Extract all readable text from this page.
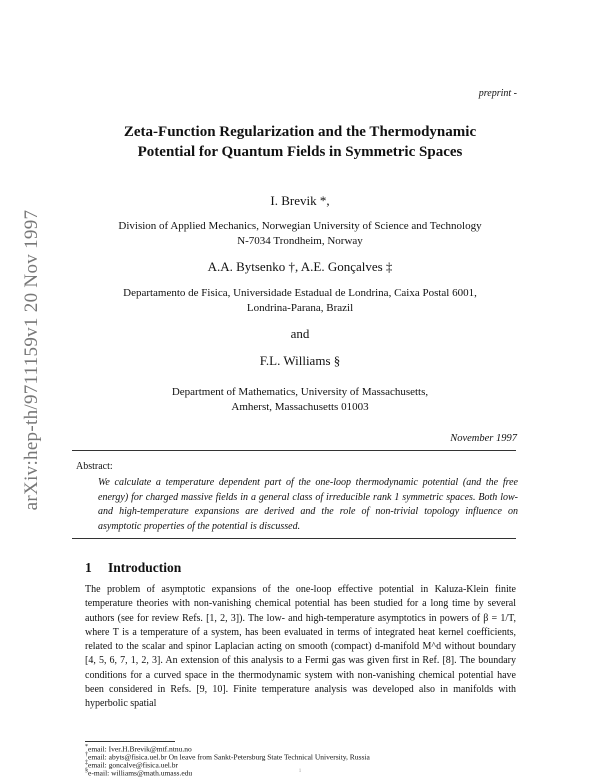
arXiv:hep-th/9711159v1 20 Nov 1997
preprint -
Zeta-Function Regularization and the Thermodynamic
Potential for Quantum Fields in Symmetric Spaces
I. Brevik *,
Division of Applied Mechanics, Norwegian University of Science and Technology
N-7034 Trondheim, Norway
A.A. Bytsenko †, A.E. Gonçalves ‡
Departamento de Fisica, Universidade Estadual de Londrina, Caixa Postal 6001,
Londrina-Parana, Brazil
and
F.L. Williams §
Department of Mathematics, University of Massachusetts,
Amherst, Massachusetts 01003
November 1997
Abstract:
We calculate a temperature dependent part of the one-loop thermodynamic potential (and the free energy) for charged massive fields in a general class of irreducible rank 1 symmetric spaces. Both low- and high-temperature expansions are derived and the role of non-trivial topology influence on asymptotic properties of the potential is discussed.
1 Introduction
The problem of asymptotic expansions of the one-loop effective potential in Kaluza-Klein finite temperature theories with non-vanishing chemical potential has been studied for a long time by several authors (see for review Refs. [1, 2, 3]). The low- and high-temperature asymptotics in powers of β = 1/T, where T is a temperature of a system, has been evaluated in terms of integrated heat kernel coefficients, related to the scalar and spinor Laplacian acting on smooth (compact) d-manifold M^d without boundary [4, 5, 6, 7, 1, 2, 3]. An extension of this analysis to a Fermi gas was given first in Ref. [8]. The boundary conditions for a curved space in the thermodynamic system with non-vanishing chemical potential have been considered in Refs. [9, 10]. Finite temperature analysis was developed also in manifolds with hyperbolic spatial
*email: Iver.H.Brevik@mtf.ntnu.no
†email: abyts@fisica.uel.br On leave from Sankt-Petersburg State Technical University, Russia
‡email: goncalve@fisica.uel.br
§e-mail: williams@math.umass.edu	1
